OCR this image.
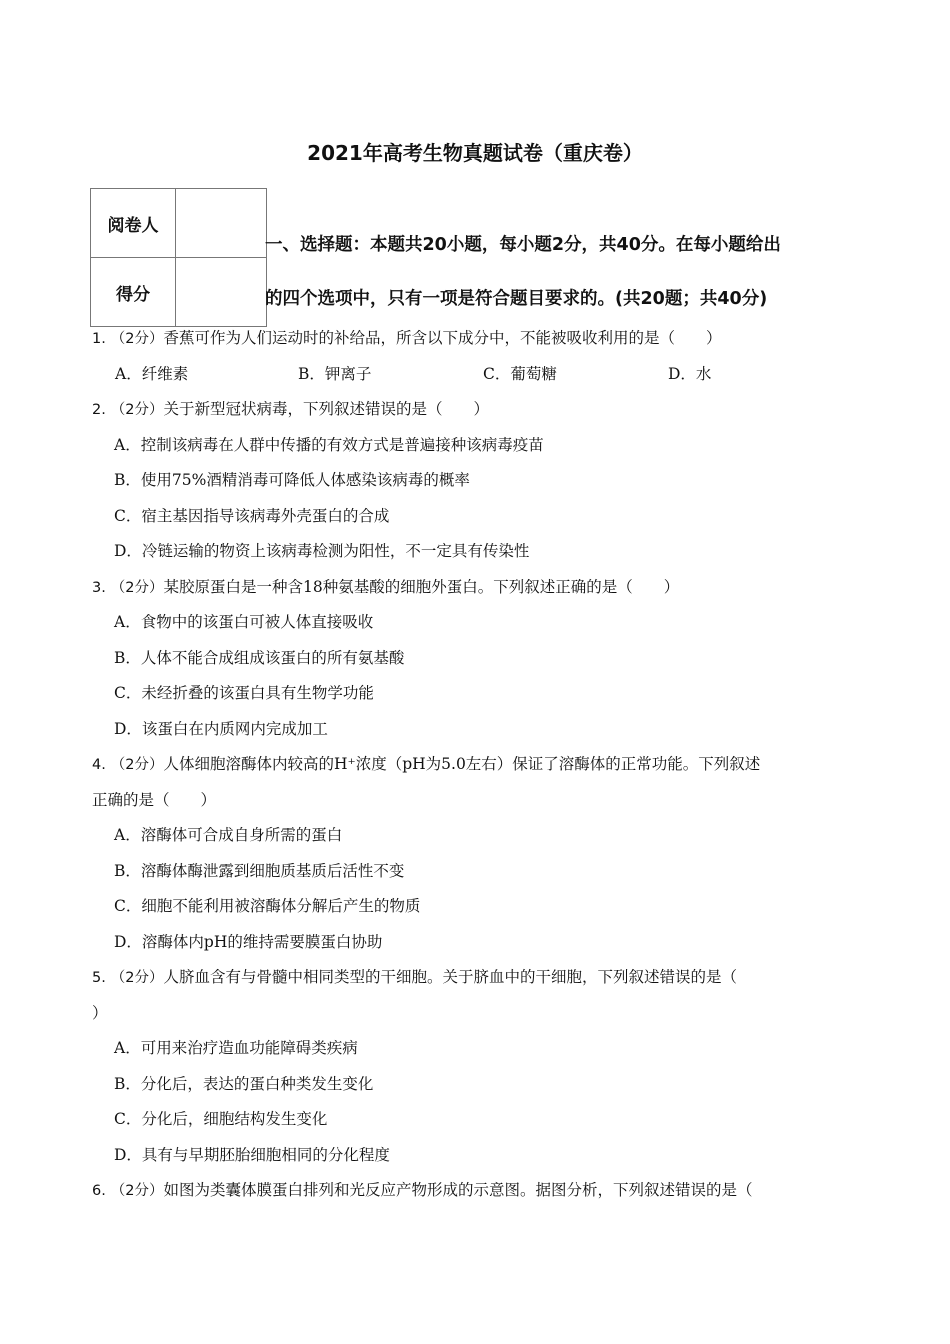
2021年高考生物真题试卷（重庆卷）
阅卷人	
得分	
一、选择题：本题共20小题，每小题2分，共40分。在每小题给出
的四个选项中，只有一项是符合题目要求的。(共20题；共40分)
1. （2分）香蕉可作为人们运动时的补给品，所含以下成分中，不能被吸收利用的是（　　）
A．纤维素	B．钾离子	C．葡萄糖	D．水
2. （2分）关于新型冠状病毒，下列叙述错误的是（　　）
A．控制该病毒在人群中传播的有效方式是普遍接种该病毒疫苗
B．使用75%酒精消毒可降低人体感染该病毒的概率
C．宿主基因指导该病毒外壳蛋白的合成
D．冷链运输的物资上该病毒检测为阳性，不一定具有传染性
3. （2分）某胶原蛋白是一种含18种氨基酸的细胞外蛋白。下列叙述正确的是（　　）
A．食物中的该蛋白可被人体直接吸收
B．人体不能合成组成该蛋白的所有氨基酸
C．未经折叠的该蛋白具有生物学功能
D．该蛋白在内质网内完成加工
4. （2分）人体细胞溶酶体内较高的H⁺浓度（pH为5.0左右）保证了溶酶体的正常功能。下列叙述
正确的是（　　）
A．溶酶体可合成自身所需的蛋白
B．溶酶体酶泄露到细胞质基质后活性不变
C．细胞不能利用被溶酶体分解后产生的物质
D．溶酶体内pH的维持需要膜蛋白协助
5. （2分）人脐血含有与骨髓中相同类型的干细胞。关于脐血中的干细胞，下列叙述错误的是（
）
A．可用来治疗造血功能障碍类疾病
B．分化后，表达的蛋白种类发生变化
C．分化后，细胞结构发生变化
D．具有与早期胚胎细胞相同的分化程度
6. （2分）如图为类囊体膜蛋白排列和光反应产物形成的示意图。据图分析，下列叙述错误的是（
